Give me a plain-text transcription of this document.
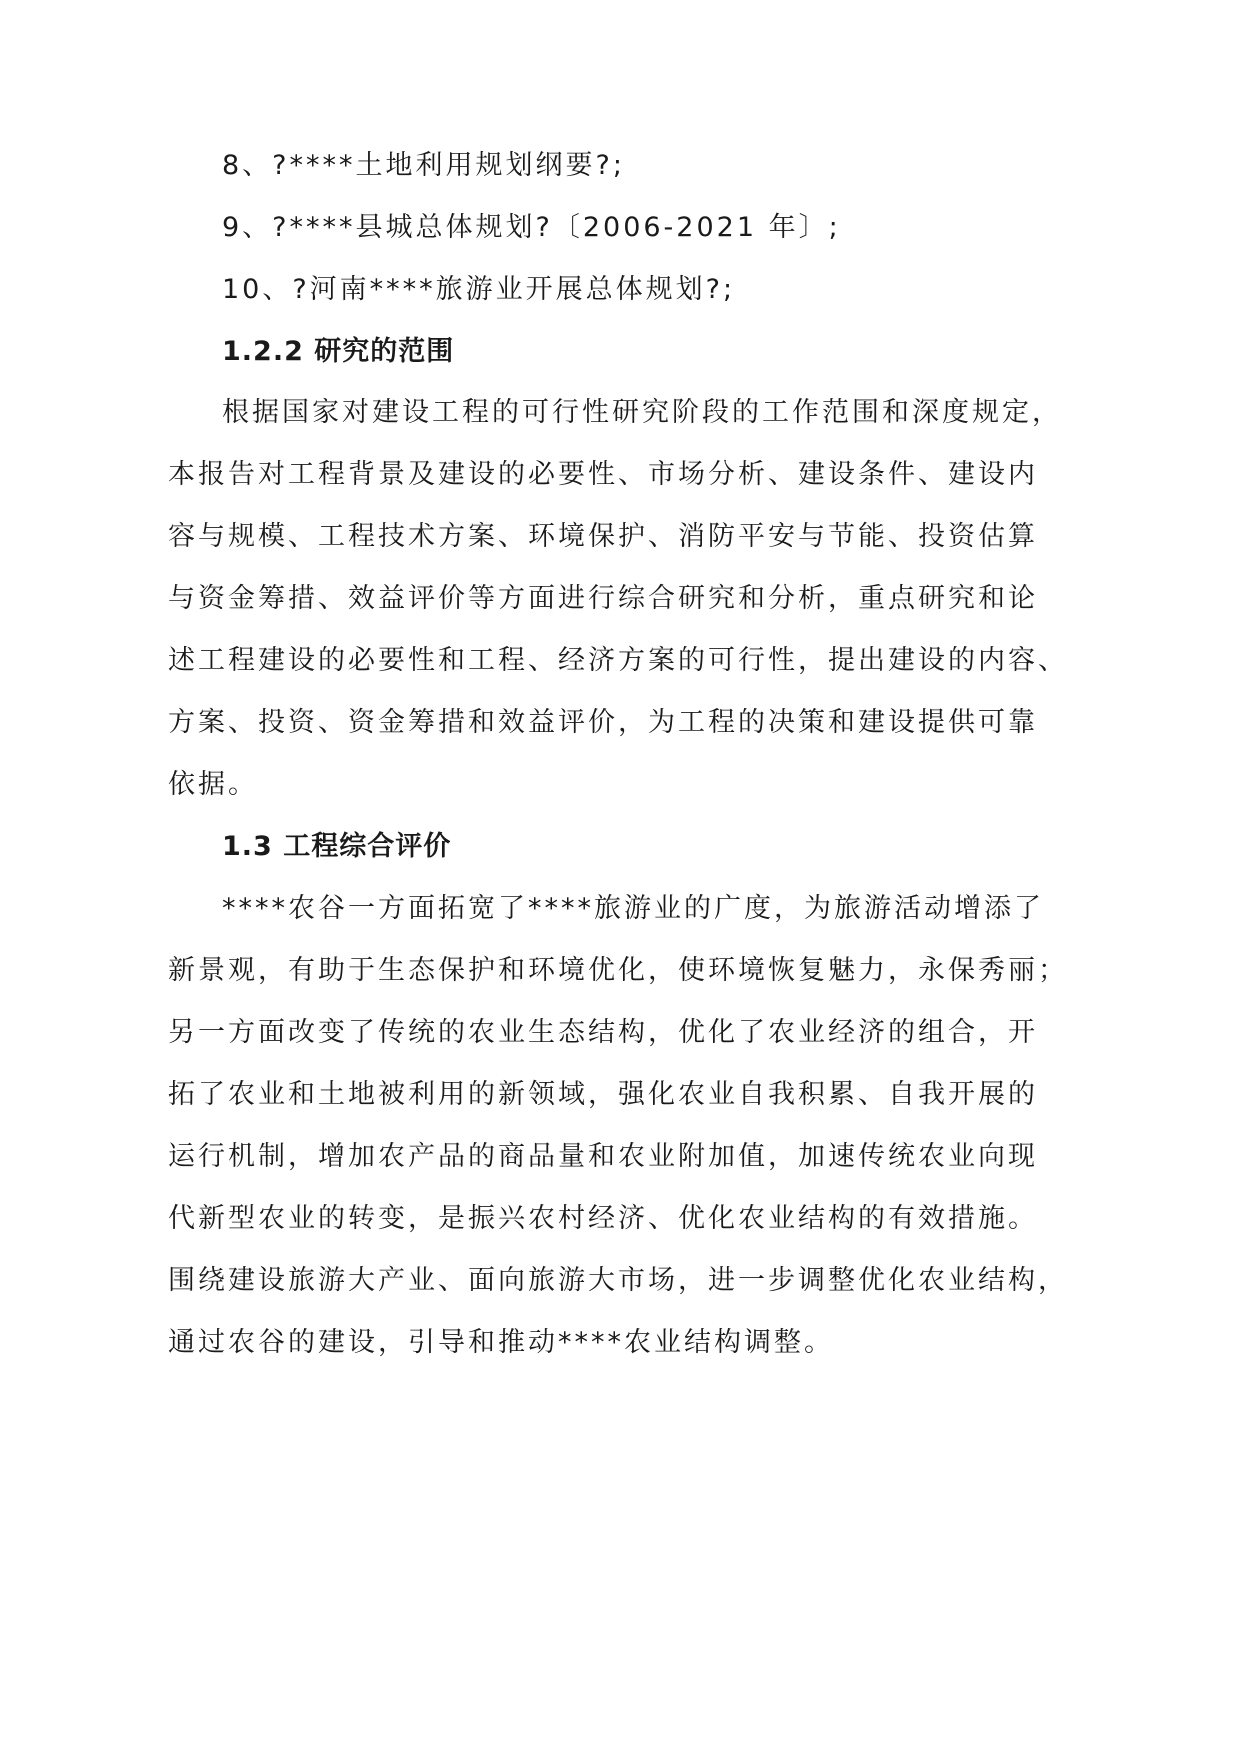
8、?****土地利用规划纲要?;
9、?****县城总体规划?〔2006-2021 年〕;
10、?河南****旅游业开展总体规划?;
1.2.2 研究的范围
根据国家对建设工程的可行性研究阶段的工作范围和深度规定，
本报告对工程背景及建设的必要性、市场分析、建设条件、建设内
容与规模、工程技术方案、环境保护、消防平安与节能、投资估算
与资金筹措、效益评价等方面进行综合研究和分析，重点研究和论
述工程建设的必要性和工程、经济方案的可行性，提出建设的内容、
方案、投资、资金筹措和效益评价，为工程的决策和建设提供可靠
依据。
1.3 工程综合评价
****农谷一方面拓宽了****旅游业的广度，为旅游活动增添了
新景观，有助于生态保护和环境优化，使环境恢复魅力，永保秀丽；
另一方面改变了传统的农业生态结构，优化了农业经济的组合，开
拓了农业和土地被利用的新领域，强化农业自我积累、自我开展的
运行机制，增加农产品的商品量和农业附加值，加速传统农业向现
代新型农业的转变，是振兴农村经济、优化农业结构的有效措施。
围绕建设旅游大产业、面向旅游大市场，进一步调整优化农业结构，
通过农谷的建设，引导和推动****农业结构调整。
